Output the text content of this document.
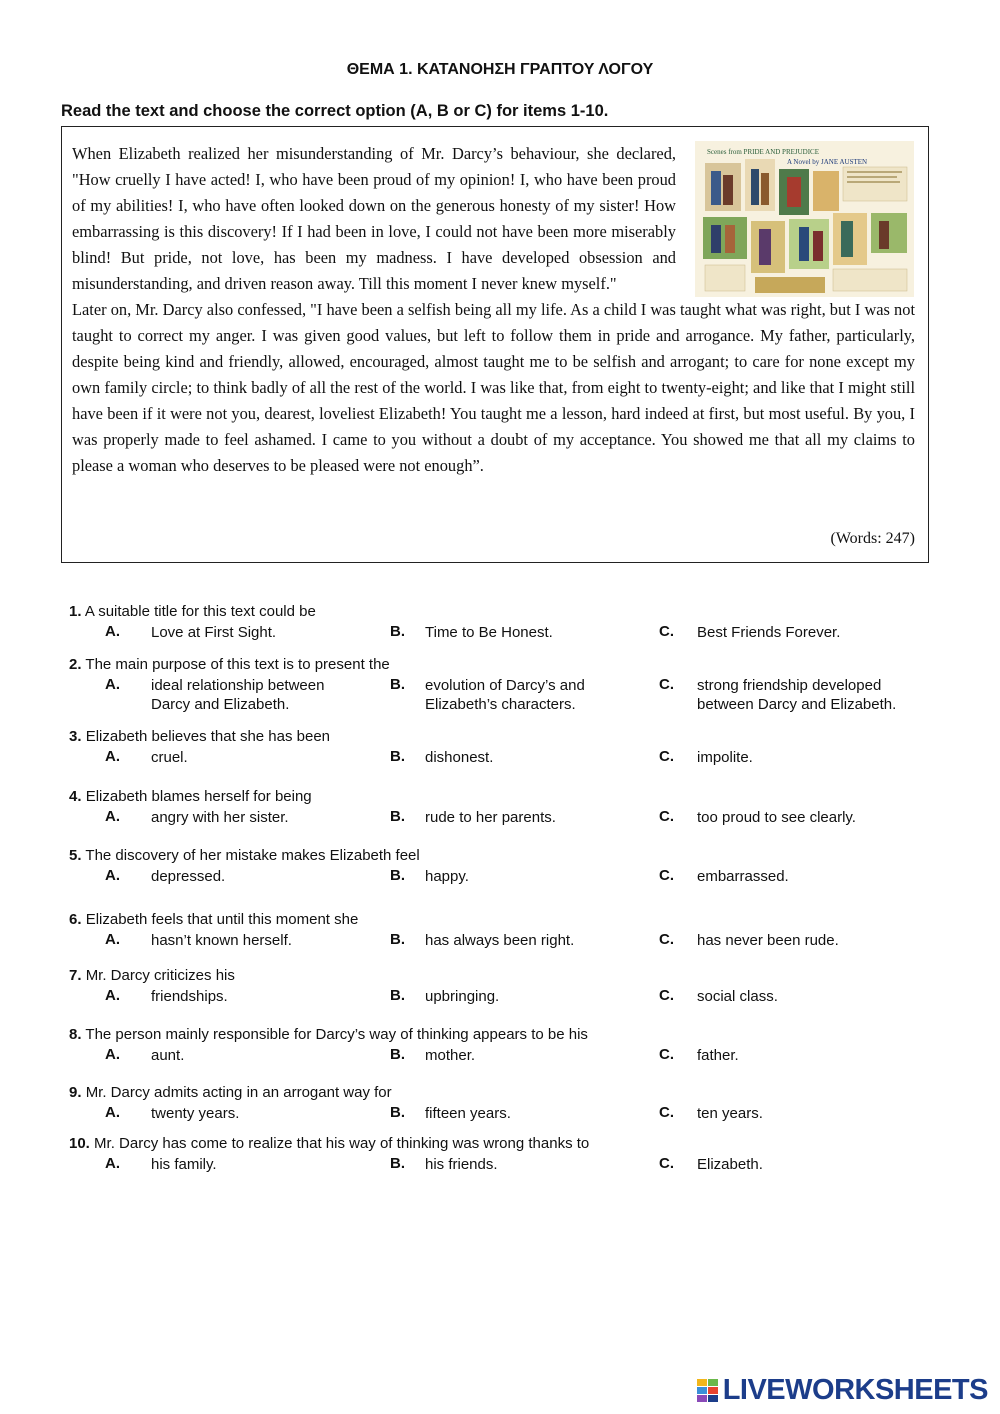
ΘΕΜΑ 1. ΚΑΤΑΝΟΗΣΗ ΓΡΑΠΤΟΥ ΛΟΓΟΥ
Read the text and choose the correct option (A, B or C) for items 1-10.
Scenes from PRIDE AND PREJUDICE
A Novel by JANE AUSTEN

When Elizabeth realized her misunderstanding of Mr. Darcy’s behaviour, she declared, "How cruelly I have acted! I, who have been proud of my opinion! I, who have been proud of my abilities! I, who have often looked down on the generous honesty of my sister! How embarrassing is this discovery! If I had been in love, I could not have been more miserably blind! But pride, not love, has been my madness. I have developed obsession and misunderstanding, and driven reason away. Till this moment I never knew myself."

Later on, Mr. Darcy also confessed, "I have been a selfish being all my life. As a child I was taught what was right, but I was not taught to correct my anger. I was given good values, but left to follow them in pride and arrogance. My father, particularly, despite being kind and friendly, allowed, encouraged, almost taught me to be selfish and arrogant; to care for none except my own family circle; to think badly of all the rest of the world. I was like that, from eight to twenty-eight; and like that I might still have been if it were not you, dearest, loveliest Elizabeth! You taught me a lesson, hard indeed at first, but most useful. By you, I was properly made to feel ashamed. I came to you without a doubt of my acceptance. You showed me that all my claims to please a woman who deserves to be pleased were not enough”.

(Words: 247)
1. A suitable title for this text could be
A. Love at First Sight.	B. Time to Be Honest.	C. Best Friends Forever.
2. The main purpose of this text is to present the
A. ideal relationship between
Darcy and Elizabeth.
B. evolution of Darcy’s and
Elizabeth’s characters.
C. strong friendship developed
between Darcy and Elizabeth.
3. Elizabeth believes that she has been
A. cruel.	B. dishonest.	C. impolite.
4. Elizabeth blames herself for being
A. angry with her sister.	B. rude to her parents.	C. too proud to see clearly.
5. The discovery of her mistake makes Elizabeth feel
A. depressed.	B. happy.	C. embarrassed.
6. Elizabeth feels that until this moment she
A. hasn’t known herself.	B. has always been right.	C. has never been rude.
7. Mr. Darcy criticizes his
A. friendships.	B. upbringing.	C. social class.
8. The person mainly responsible for Darcy’s way of thinking appears to be his
A. aunt.	B. mother.	C. father.
9. Mr. Darcy admits acting in an arrogant way for
A. twenty years.	B. fifteen years.	C. ten years.
10. Mr. Darcy has come to realize that his way of thinking was wrong thanks to
A. his family.	B. his friends.	C. Elizabeth.
LIVEWORKSHEETS
